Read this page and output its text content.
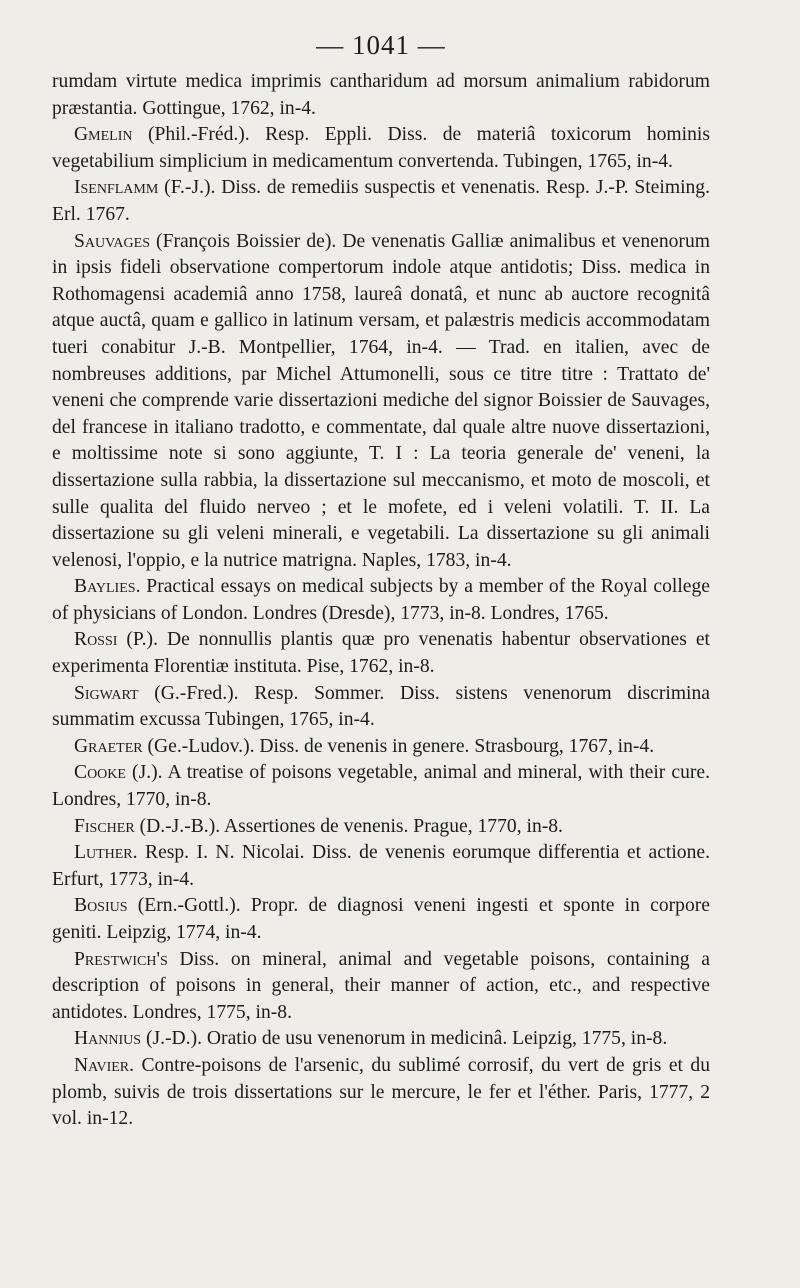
— 1041 —

rumdam virtute medica imprimis cantharidum ad morsum animalium rabidorum præstantia. Gottingue, 1762, in-4.

Gmelin (Phil.-Fréd.). Resp. Eppli. Diss. de materiâ toxicorum hominis vegetabilium simplicium in medicamentum convertenda. Tubingen, 1765, in-4.

Isenflamm (F.-J.). Diss. de remediis suspectis et venenatis. Resp. J.-P. Steiming. Erl. 1767.

Sauvages (François Boissier de). De venenatis Galliæ animalibus et venenorum in ipsis fideli observatione compertorum indole atque antidotis; Diss. medica in Rothomagensi academiâ anno 1758, laureâ donatâ, et nunc ab auctore recognitâ atque auctâ, quam e gallico in latinum versam, et palæstris medicis accommodatam tueri conabitur J.-B. Montpellier, 1764, in-4. — Trad. en italien, avec de nombreuses additions, par Michel Attumonelli, sous ce titre titre : Trattato de' veneni che comprende varie dissertazioni mediche del signor Boissier de Sauvages, del francese in italiano tradotto, e commentate, dal quale altre nuove dissertazioni, e moltissime note si sono aggiunte, T. I : La teoria generale de' veneni, la dissertazione sulla rabbia, la dissertazione sul meccanismo, et moto de moscoli, et sulle qualita del fluido nerveo ; et le mofete, ed i veleni volatili. T. II. La dissertazione su gli veleni minerali, e vegetabili. La dissertazione su gli animali velenosi, l'oppio, e la nutrice matrigna. Naples, 1783, in-4.

Baylies. Practical essays on medical subjects by a member of the Royal college of physicians of London. Londres (Dresde), 1773, in-8. Londres, 1765.

Rossi (P.). De nonnullis plantis quæ pro venenatis habentur observationes et experimenta Florentiæ instituta. Pise, 1762, in-8.

Sigwart (G.-Fred.). Resp. Sommer. Diss. sistens venenorum discrimina summatim excussa Tubingen, 1765, in-4.

Graeter (Ge.-Ludov.). Diss. de venenis in genere. Strasbourg, 1767, in-4.

Cooke (J.). A treatise of poisons vegetable, animal and mineral, with their cure. Londres, 1770, in-8.

Fischer (D.-J.-B.). Assertiones de venenis. Prague, 1770, in-8.

Luther. Resp. I. N. Nicolai. Diss. de venenis eorumque differentia et actione. Erfurt, 1773, in-4.

Bosius (Ern.-Gottl.). Propr. de diagnosi veneni ingesti et sponte in corpore geniti. Leipzig, 1774, in-4.

Prestwich's Diss. on mineral, animal and vegetable poisons, containing a description of poisons in general, their manner of action, etc., and respective antidotes. Londres, 1775, in-8.

Hannius (J.-D.). Oratio de usu venenorum in medicinâ. Leipzig, 1775, in-8.

Navier. Contre-poisons de l'arsenic, du sublimé corrosif, du vert de gris et du plomb, suivis de trois dissertations sur le mercure, le fer et l'éther. Paris, 1777, 2 vol. in-12.
